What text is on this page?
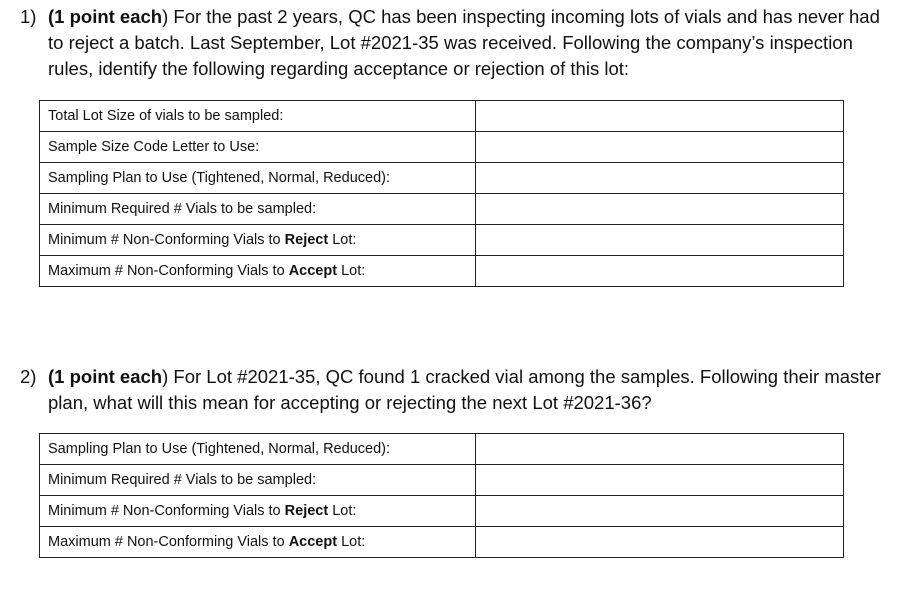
1) (1 point each) For the past 2 years, QC has been inspecting incoming lots of vials and has never had to reject a batch. Last September, Lot #2021-35 was received. Following the company’s inspection rules, identify the following regarding acceptance or rejection of this lot:
Total Lot Size of vials to be sampled:	
Sample Size Code Letter to Use:	
Sampling Plan to Use (Tightened, Normal, Reduced):	
Minimum Required # Vials to be sampled:	
Minimum # Non-Conforming Vials to Reject Lot:	
Maximum # Non-Conforming Vials to Accept Lot:	
2) (1 point each) For Lot #2021-35, QC found 1 cracked vial among the samples. Following their master plan, what will this mean for accepting or rejecting the next Lot #2021-36?
Sampling Plan to Use (Tightened, Normal, Reduced):	
Minimum Required # Vials to be sampled:	
Minimum # Non-Conforming Vials to Reject Lot:	
Maximum # Non-Conforming Vials to Accept Lot:	
